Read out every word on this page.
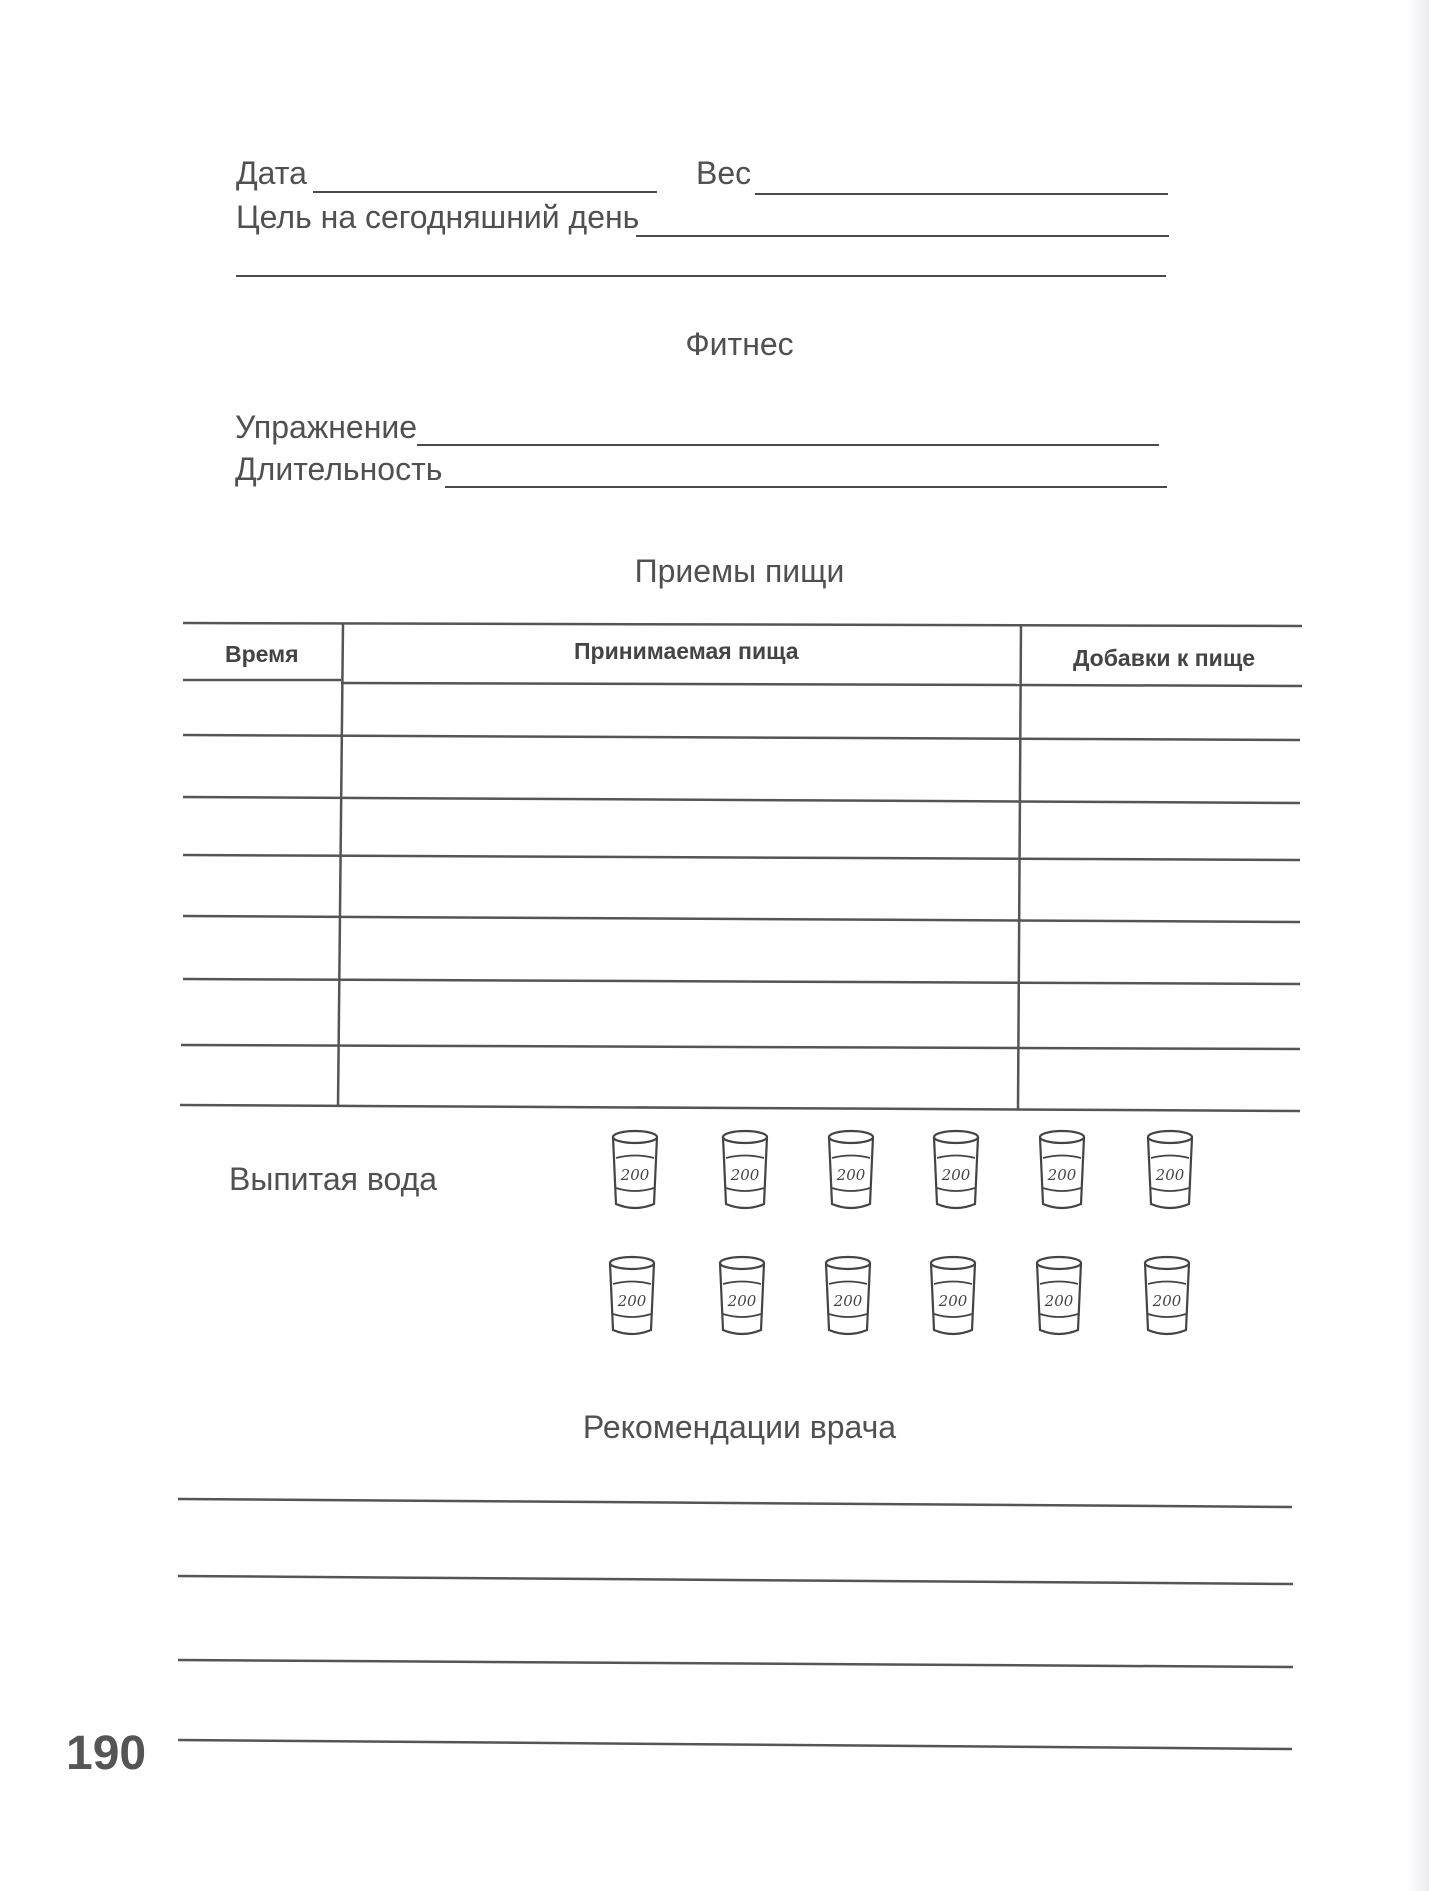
Дата	Вес
Цель на сегодняшний день
Фитнес
Упражнение
Длительность
Приемы пищи
Время	Принимаемая пища	Добавки к пище
Выпитая вода	200	200	200	200	200	200
200	200	200	200	200	200
Рекомендации врача
190
